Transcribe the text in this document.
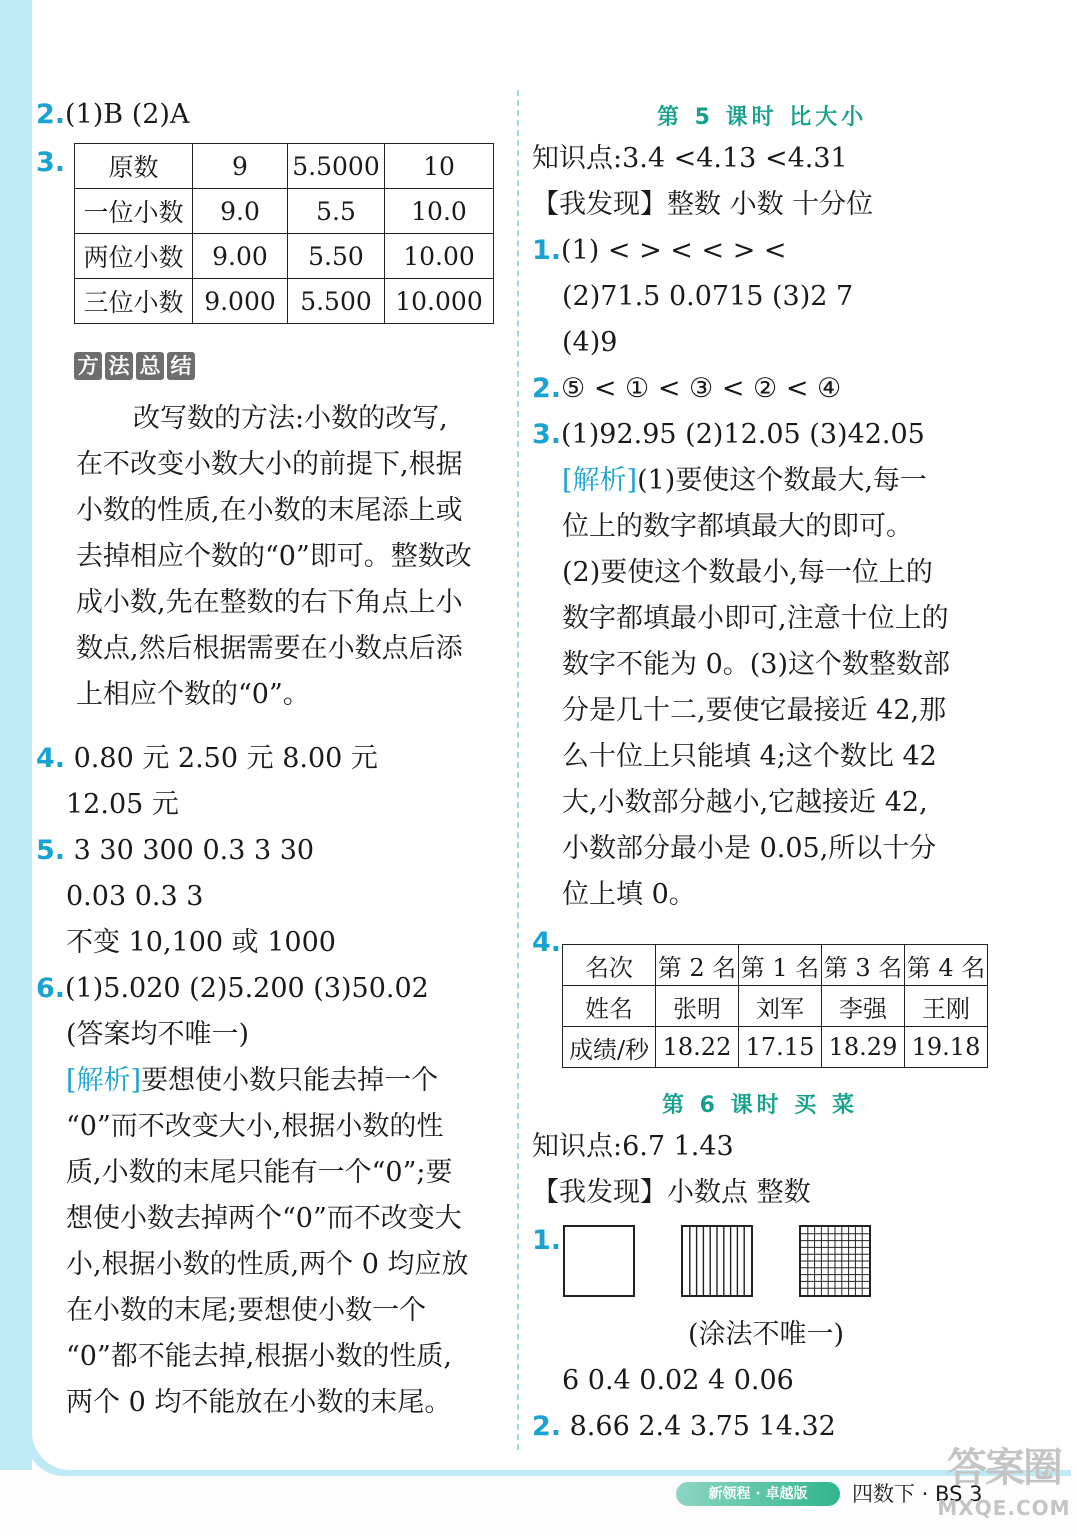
2.(1)B (2)A
3. 原数	9	5.5000	10
一位小数	9.0	5.5	10.0
两位小数	9.00	5.50	10.00
三位小数	9.000	5.500	10.000
方 法 总 结
改写数的方法:小数的改写,
在不改变小数大小的前提下,根据
小数的性质,在小数的末尾添上或
去掉相应个数的“0”即可。整数改
成小数,先在整数的右下角点上小
数点,然后根据需要在小数点后添
上相应个数的“0”。
4. 0.80 元 2.50 元 8.00 元
12.05 元
5. 3 30 300 0.3 3 30
0.03 0.3 3
不变 10,100 或 1000
6.(1)5.020 (2)5.200 (3)50.02
(答案均不唯一)
[解析]要想使小数只能去掉一个
“0”而不改变大小,根据小数的性
质,小数的末尾只能有一个“0”;要
想使小数去掉两个“0”而不改变大
小,根据小数的性质,两个 0 均应放
在小数的末尾;要想使小数一个
“0”都不能去掉,根据小数的性质,
两个 0 均不能放在小数的末尾。
第 5 课时 比大小
知识点:3.4 <4.13 <4.31
【我发现】整数 小数 十分位
1.(1) < > < < > <
(2)71.5 0.0715 (3)2 7
(4)9
2.⑤ < ① < ③ < ② < ④
3.(1)92.95 (2)12.05 (3)42.05
[解析](1)要使这个数最大,每一
位上的数字都填最大的即可。
(2)要使这个数最小,每一位上的
数字都填最小即可,注意十位上的
数字不能为 0。(3)这个数整数部
分是几十二,要使它最接近 42,那
么十位上只能填 4;这个数比 42
大,小数部分越小,它越接近 42,
小数部分最小是 0.05,所以十分
位上填 0。
4.
名次	第 2 名	第 1 名	第 3 名	第 4 名
姓名	张明	刘军	李强	王刚
成绩/秒	18.22	17.15	18.29	19.18
第 6 课时 买 菜
知识点:6.7 1.43
【我发现】小数点 整数
1.
(涂法不唯一)
6 0.4 0.02 4 0.06
2. 8.66 2.4 3.75 14.32
新领程 · 卓越版	四数下 · BS 3
答案圈
MXQE.COM
